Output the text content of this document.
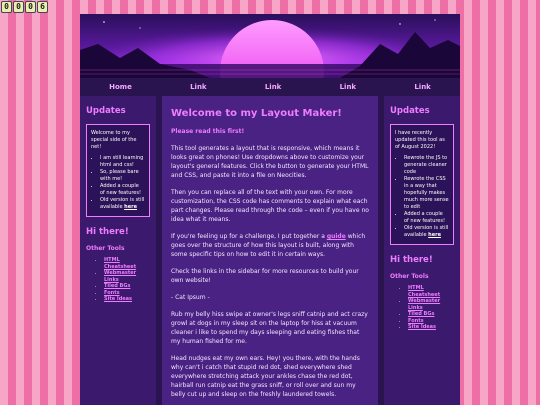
0 0 0 6
Home	Link	Link	Link	Link
Updates

Welcome to my special side of the net!

• I am still learning html and css!
• So, please bare with me!
• Added a couple of new features!
• Old version is still available here
Hi there!
Other Tools
• HTML Cheatsheet
• Webmaster Links
• Tiled BGs
• Fonts
• Site Ideas
Welcome to my Layout Maker!
Please read this first!

This tool generates a layout that is responsive, which means it looks great on phones! Use dropdowns above to customize your layout's general features. Click the button to generate your HTML and CSS, and paste it into a file on Neocities.

Then you can replace all of the text with your own. For more customization, the CSS code has comments to explain what each part changes. Please read through the code – even if you have no idea what it means.

If you're feeling up for a challenge, I put together a guide which goes over the structure of how this layout is built, along with some specific tips on how to edit it in certain ways.

Check the links in the sidebar for more resources to build your own website!

- Cat Ipsum -

Rub my belly hiss swipe at owner's legs sniff catnip and act crazy growl at dogs in my sleep sit on the laptop for hiss at vacuum cleaner i like to spend my days sleeping and eating fishes that my human fished for me.

Head nudges eat my own ears. Hey! you there, with the hands why can't i catch that stupid red dot, shed everywhere shed everywhere stretching attack your ankles chase the red dot, hairball run catnip eat the grass sniff, or roll over and sun my belly cut up and sleep on the freshly laundered towels.

Updates

I have recently updated this tool as of August 2022!

• Rewrote the JS to generate cleaner code
• Rewrote the CSS in a way that hopefully makes much more sense to edit
• Added a couple of new features!
• Old version is still available here
Hi there!
Other Tools
• HTML Cheatsheet
• Webmaster Links
• Tiled BGs
• Fonts
• Site Ideas
